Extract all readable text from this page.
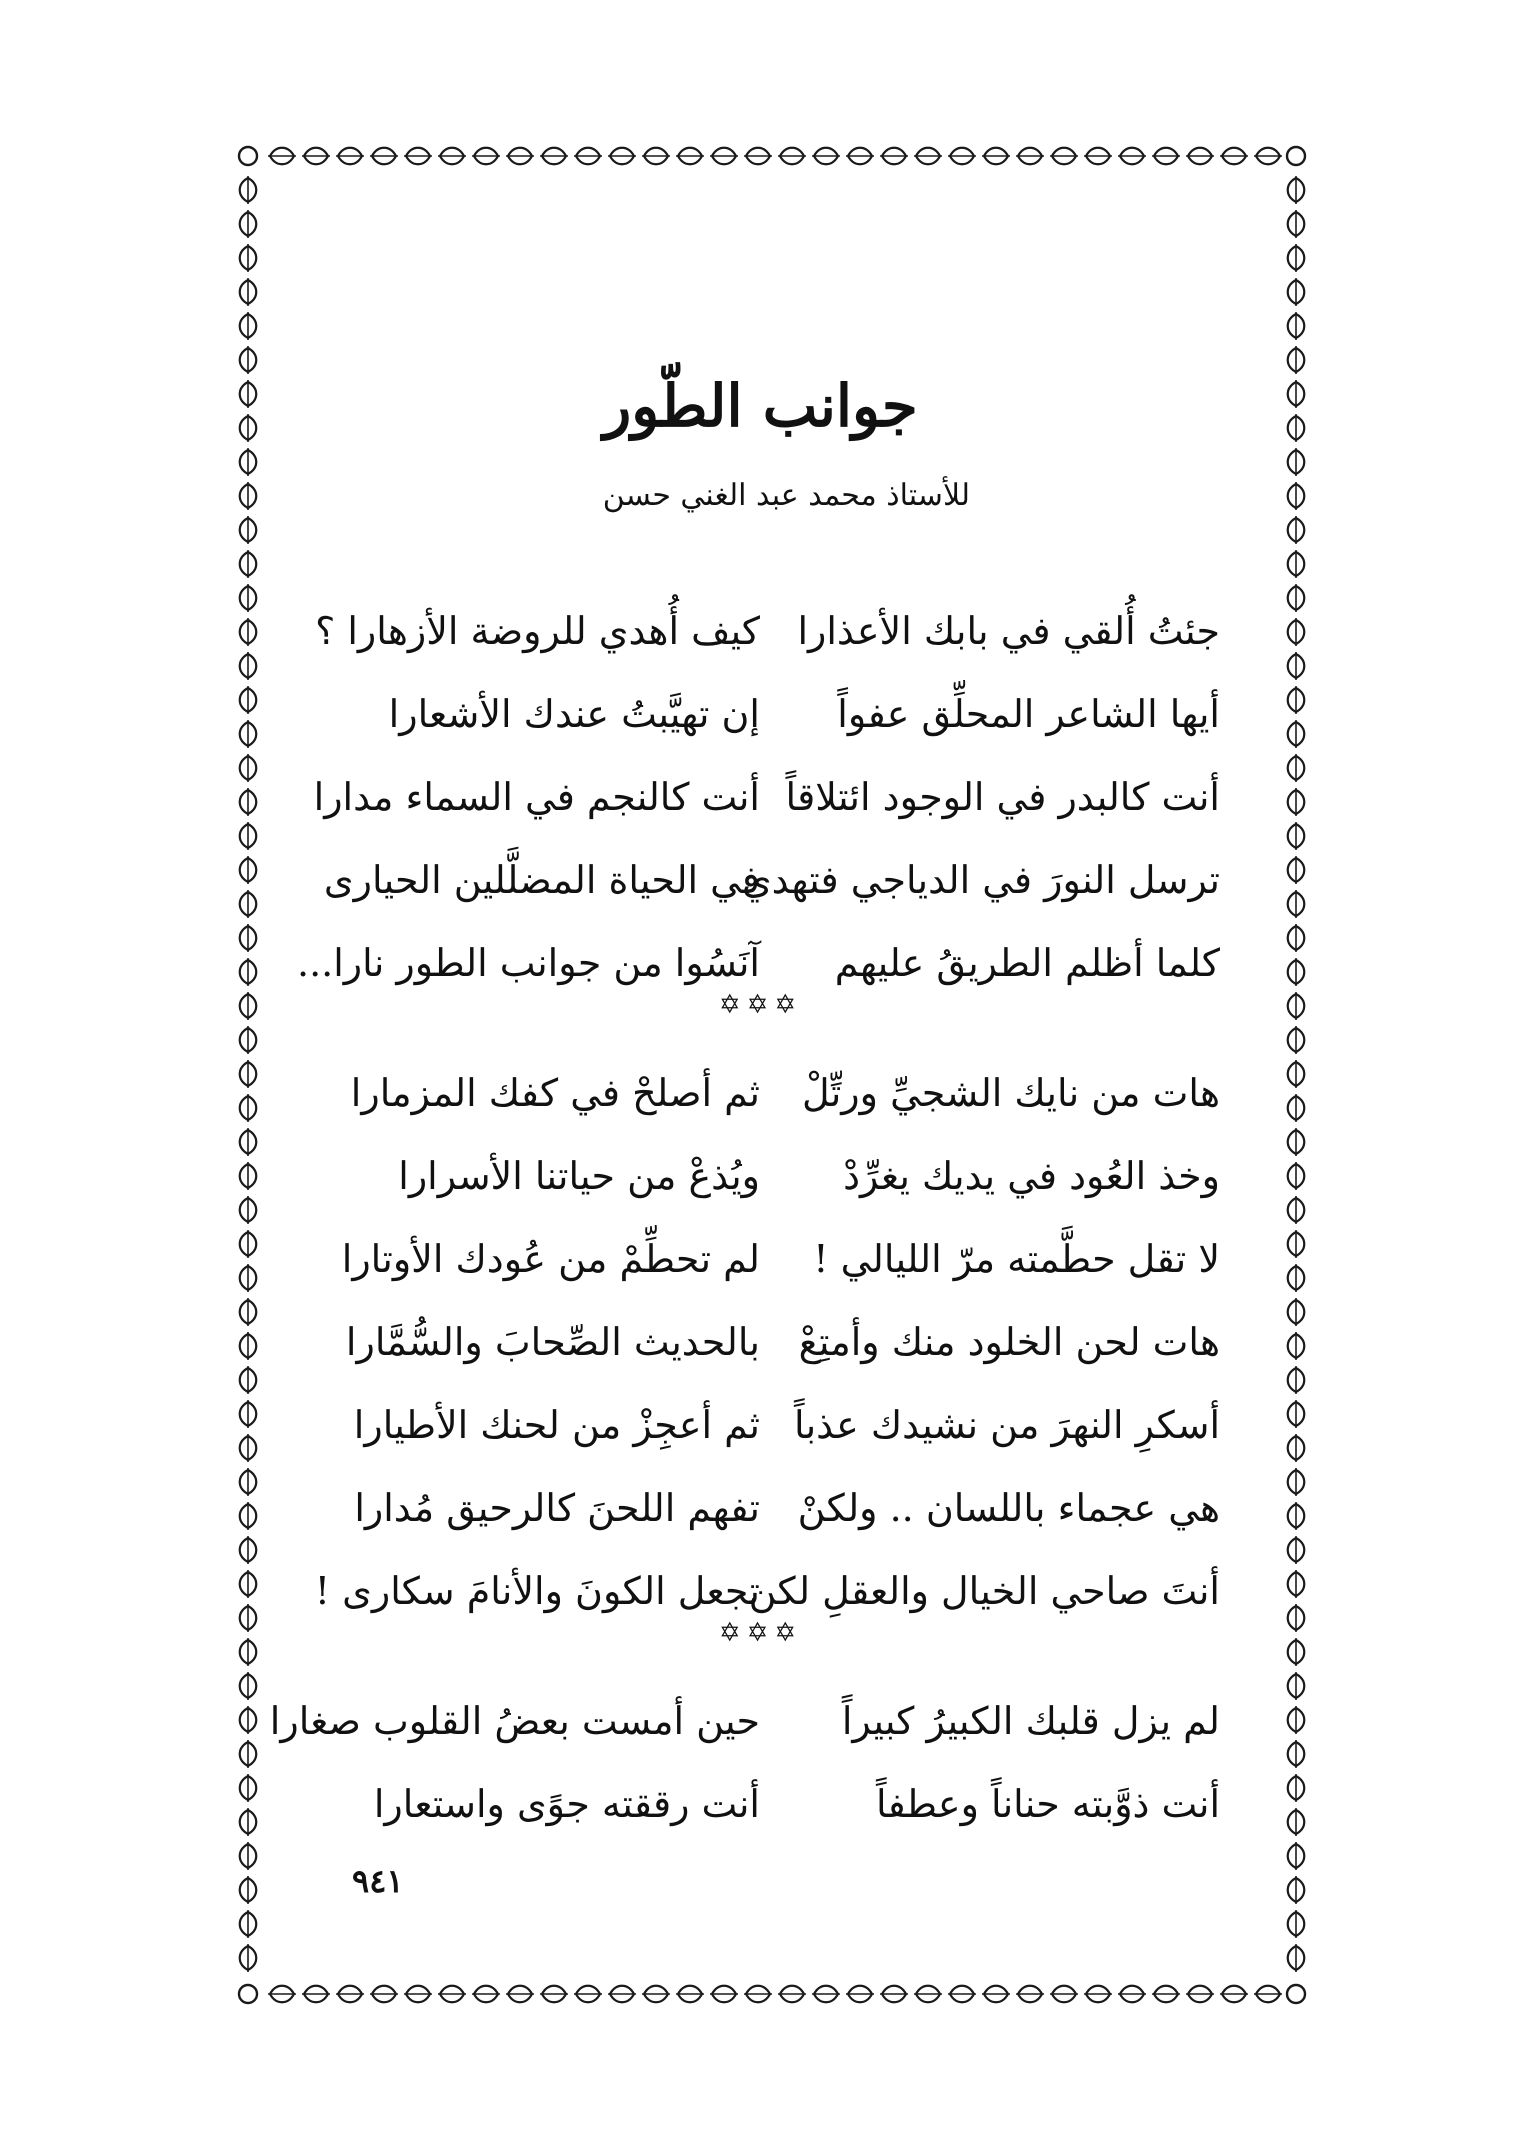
جوانب الطّور
للأستاذ محمد عبد الغني حسن
جئتُ أُلقي في بابك الأعذارا
كيف أُهدي للروضة الأزهارا ؟
أيها الشاعر المحلِّق عفواً
إن تهيَّبتُ عندك الأشعارا
أنت كالبدر في الوجود ائتلاقاً
أنت كالنجم في السماء مدارا
ترسل النورَ في الدياجي فتهدي
في الحياة المضلَّلين الحيارى
كلما أظلم الطريقُ عليهم
آنَسُوا من جوانب الطور نارا...
✡✡✡
هات من نايك الشجيِّ ورتِّلْ
ثم أصلحْ في كفك المزمارا
وخذ العُود في يديك يغرِّدْ
ويُذعْ من حياتنا الأسرارا
لا تقل حطَّمته مرّ الليالي !
لم تحطِّمْ من عُودك الأوتارا
هات لحن الخلود منك وأمتِعْ
بالحديث الصِّحابَ والسُّمَّارا
أسكرِ النهرَ من نشيدك عذباً
ثم أعجِزْ من لحنك الأطيارا
هي عجماء باللسان .. ولكنْ
تفهم اللحنَ كالرحيق مُدارا
أنتَ صاحي الخيال والعقلِ لكن
تجعل الكونَ والأنامَ سكارى !
✡✡✡
لم يزل قلبك الكبيرُ كبيراً
حين أمست بعضُ القلوب صغارا
أنت ذوَّبته حناناً وعطفاً
أنت رققته جوًى واستعارا
٩٤١
